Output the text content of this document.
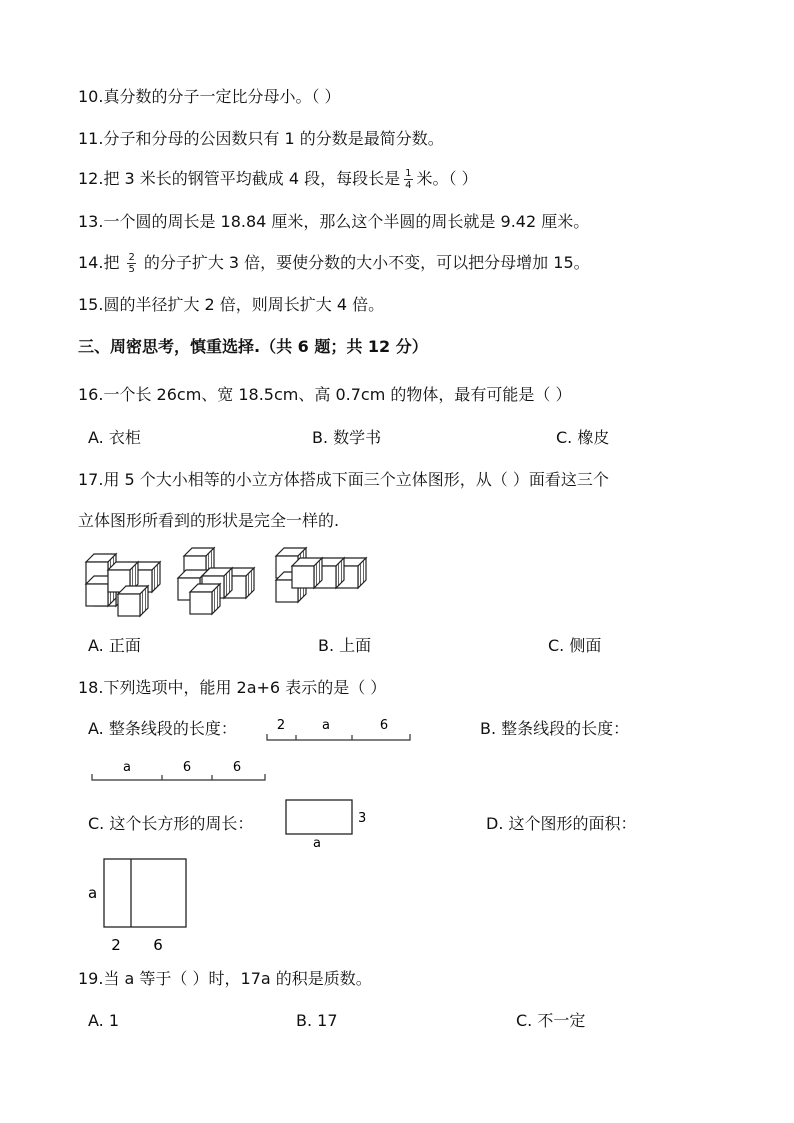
10.真分数的分子一定比分母小。（ ）
11.分子和分母的公因数只有 1 的分数是最简分数。
12.把 3 米长的钢管平均截成 4 段，每段长是 $\frac{1}{4}$ 米。（ ）
13.一个圆的周长是 18.84 厘米，那么这个半圆的周长就是 9.42 厘米。
14.把 $\frac{2}{5}$ 的分子扩大 3 倍，要使分数的大小不变，可以把分母增加 15。
15.圆的半径扩大 2 倍，则周长扩大 4 倍。
三、周密思考，慎重选择.（共 6 题；共 12 分）
16.一个长 26cm、宽 18.5cm、高 0.7cm 的物体，最有可能是（ ）
A. 衣柜	B. 数学书	C. 橡皮
17.用 5 个大小相等的小立方体搭成下面三个立体图形，从（ ）面看这三个
立体图形所看到的形状是完全一样的.
A. 正面	B. 上面	C. 侧面
18.下列选项中，能用 2a+6 表示的是（ ）
A. 整条线段的长度：	2	a	6	B. 整条线段的长度：
a	6	6
C. 这个长方形的周长：	3
a
D. 这个图形的面积：
a
2 6
19.当 a 等于（ ）时，17a 的积是质数。
A. 1	B. 17	C. 不一定
